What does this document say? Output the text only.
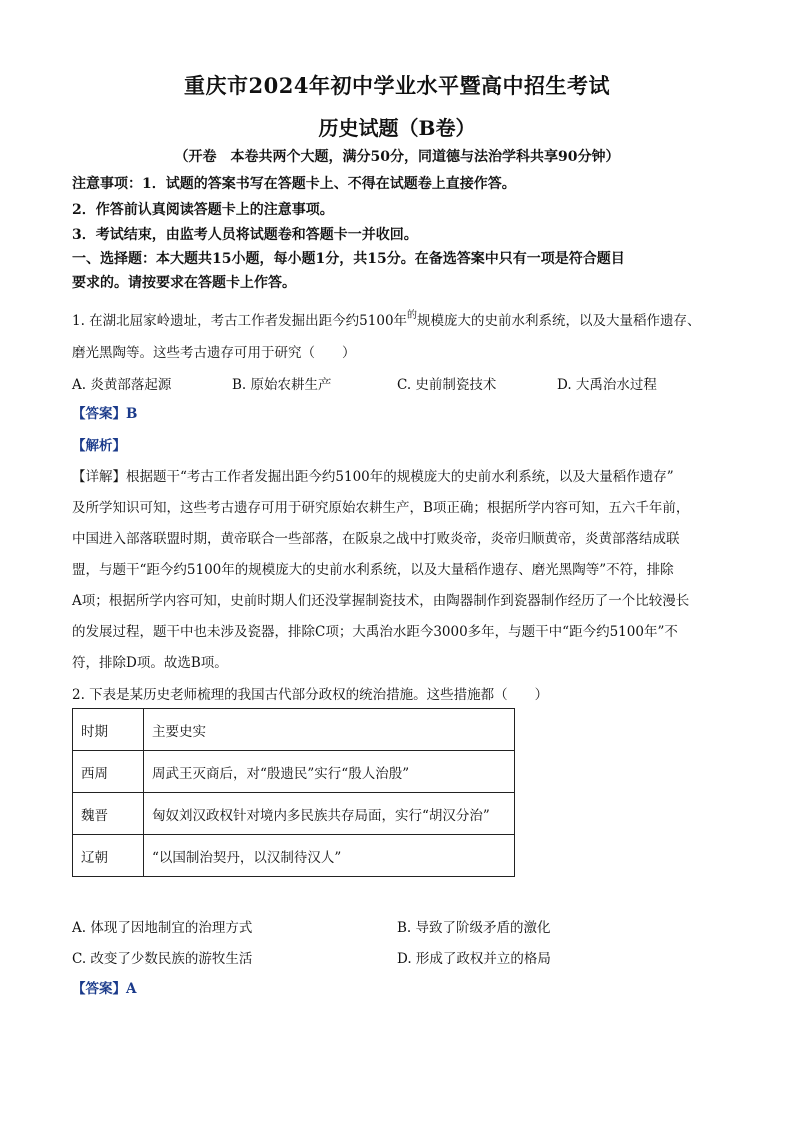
重庆市2024年初中学业水平暨高中招生考试
历史试题（B卷）
（开卷　本卷共两个大题，满分50分，同道德与法治学科共享90分钟）
注意事项：1．试题的答案书写在答题卡上、不得在试题卷上直接作答。
2．作答前认真阅读答题卡上的注意事项。
3．考试结束，由监考人员将试题卷和答题卡一并收回。
一、选择题：本大题共15小题，每小题1分，共15分。在备选答案中只有一项是符合题目
要求的。请按要求在答题卡上作答。
1. 在湖北屈家岭遗址，考古工作者发掘出距今约5100年$^的$规模庞大的史前水利系统，以及大量稻作遗存、
磨光黑陶等。这些考古遗存可用于研究（　　）
A. 炎黄部落起源	B. 原始农耕生产	C. 史前制瓷技术	D. 大禹治水过程
【答案】B
【解析】
【详解】根据题干“考古工作者发掘出距今约5100年的规模庞大的史前水利系统，以及大量稻作遗存”
及所学知识可知，这些考古遗存可用于研究原始农耕生产，B项正确；根据所学内容可知，五六千年前，
中国进入部落联盟时期，黄帝联合一些部落，在阪泉之战中打败炎帝，炎帝归顺黄帝，炎黄部落结成联
盟，与题干“距今约5100年的规模庞大的史前水利系统，以及大量稻作遗存、磨光黑陶等”不符，排除
A项；根据所学内容可知，史前时期人们还没掌握制瓷技术，由陶器制作到瓷器制作经历了一个比较漫长
的发展过程，题干中也未涉及瓷器，排除C项；大禹治水距今3000多年，与题干中“距今约5100年”不
符，排除D项。故选B项。
2. 下表是某历史老师梳理的我国古代部分政权的统治措施。这些措施都（　　）
时期	主要史实
西周	周武王灭商后，对“殷遗民”实行“殷人治殷”
魏晋	匈奴刘汉政权针对境内多民族共存局面，实行“胡汉分治”
辽朝	“以国制治契丹，以汉制待汉人”
A. 体现了因地制宜的治理方式	B. 导致了阶级矛盾的激化
C. 改变了少数民族的游牧生活	D. 形成了政权并立的格局
【答案】A
